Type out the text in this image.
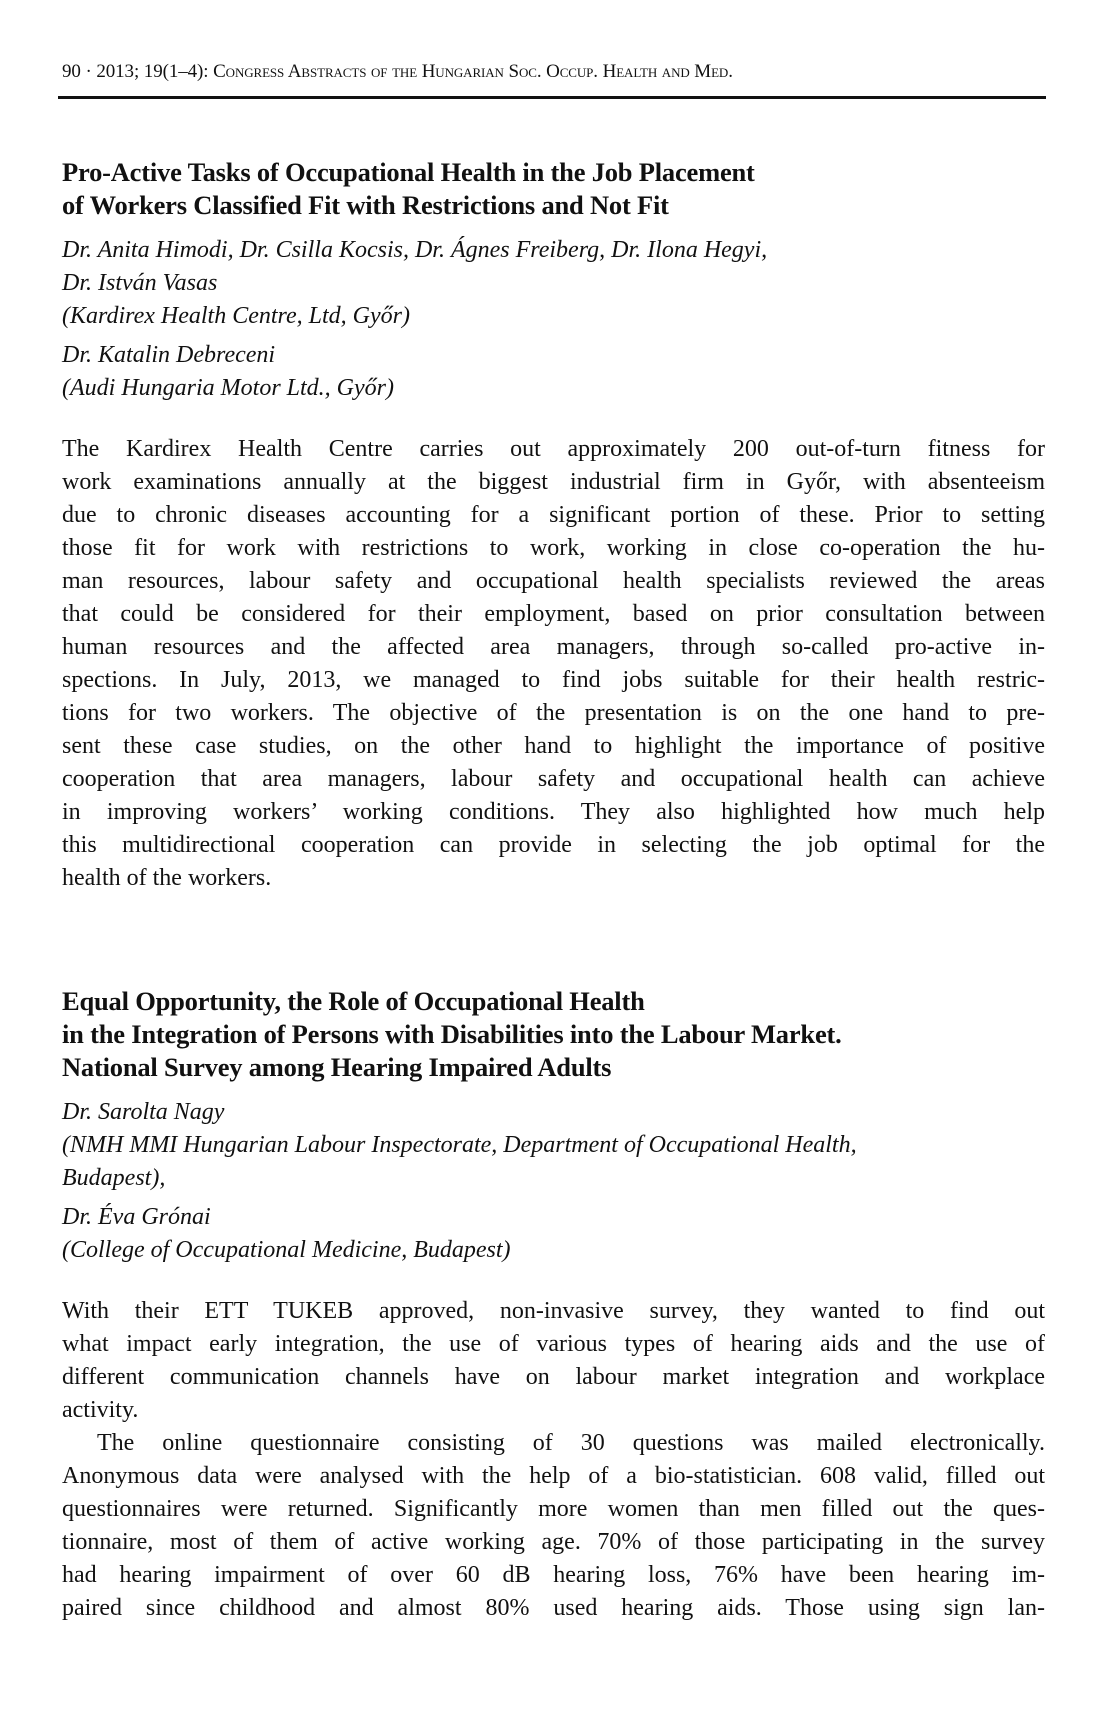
90 · 2013; 19(1–4): Congress Abstracts of the Hungarian Soc. Occup. Health and Med.
Pro-Active Tasks of Occupational Health in the Job Placement
of Workers Classified Fit with Restrictions and Not Fit
Dr. Anita Himodi, Dr. Csilla Kocsis, Dr. Ágnes Freiberg, Dr. Ilona Hegyi,
Dr. István Vasas
(Kardirex Health Centre, Ltd, Győr)
Dr. Katalin Debreceni
(Audi Hungaria Motor Ltd., Győr)

The Kardirex Health Centre carries out approximately 200 out-of-turn fitness for
work examinations annually at the biggest industrial firm in Győr, with absenteeism
due to chronic diseases accounting for a significant portion of these. Prior to setting
those fit for work with restrictions to work, working in close co-operation the hu-
man resources, labour safety and occupational health specialists reviewed the areas
that could be considered for their employment, based on prior consultation between
human resources and the affected area managers, through so-called pro-active in-
spections. In July, 2013, we managed to find jobs suitable for their health restric-
tions for two workers. The objective of the presentation is on the one hand to pre-
sent these case studies, on the other hand to highlight the importance of positive
cooperation that area managers, labour safety and occupational health can achieve
in improving workers’ working conditions. They also highlighted how much help
this multidirectional cooperation can provide in selecting the job optimal for the
health of the workers.

Equal Opportunity, the Role of Occupational Health
in the Integration of Persons with Disabilities into the Labour Market.
National Survey among Hearing Impaired Adults
Dr. Sarolta Nagy
(NMH MMI Hungarian Labour Inspectorate, Department of Occupational Health,
Budapest),
Dr. Éva Grónai
(College of Occupational Medicine, Budapest)

With their ETT TUKEB approved, non-invasive survey, they wanted to find out
what impact early integration, the use of various types of hearing aids and the use of
different communication channels have on labour market integration and workplace
activity.

The online questionnaire consisting of 30 questions was mailed electronically.
Anonymous data were analysed with the help of a bio-statistician. 608 valid, filled out
questionnaires were returned. Significantly more women than men filled out the ques-
tionnaire, most of them of active working age. 70% of those participating in the survey
had hearing impairment of over 60 dB hearing loss, 76% have been hearing im-
paired since childhood and almost 80% used hearing aids. Those using sign lan-
